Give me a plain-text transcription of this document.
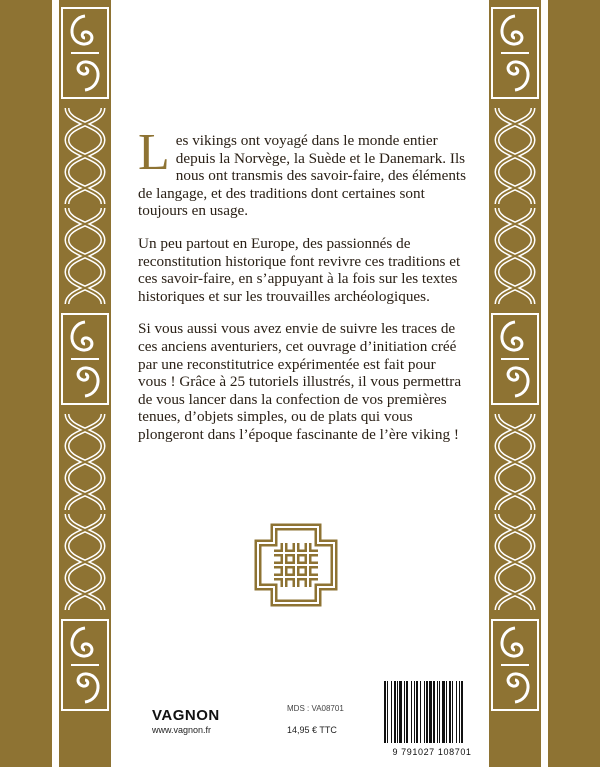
Les vikings ont voyagé dans le monde entier depuis la Norvège, la Suède et le Danemark. Ils nous ont transmis des savoir-faire, des éléments de langage, et des traditions dont certaines sont toujours en usage.

Un peu partout en Europe, des passionnés de reconstitution historique font revivre ces traditions et ces savoir-faire, en s’appuyant à la fois sur les textes historiques et sur les trouvailles archéologiques.

Si vous aussi vous avez envie de suivre les traces de ces anciens aventuriers, cet ouvrage d’initiation créé par une reconstitutrice expérimentée est fait pour vous ! Grâce à 25 tutoriels illustrés, il vous permettra de vous lancer dans la confection de vos premières tenues, d’objets simples, ou de plats qui vous plongeront dans l’époque fascinante de l’ère viking !

VAGNON
www.vagnon.fr
MDS : VA08701
14,95 € TTC
9 791027 108701
